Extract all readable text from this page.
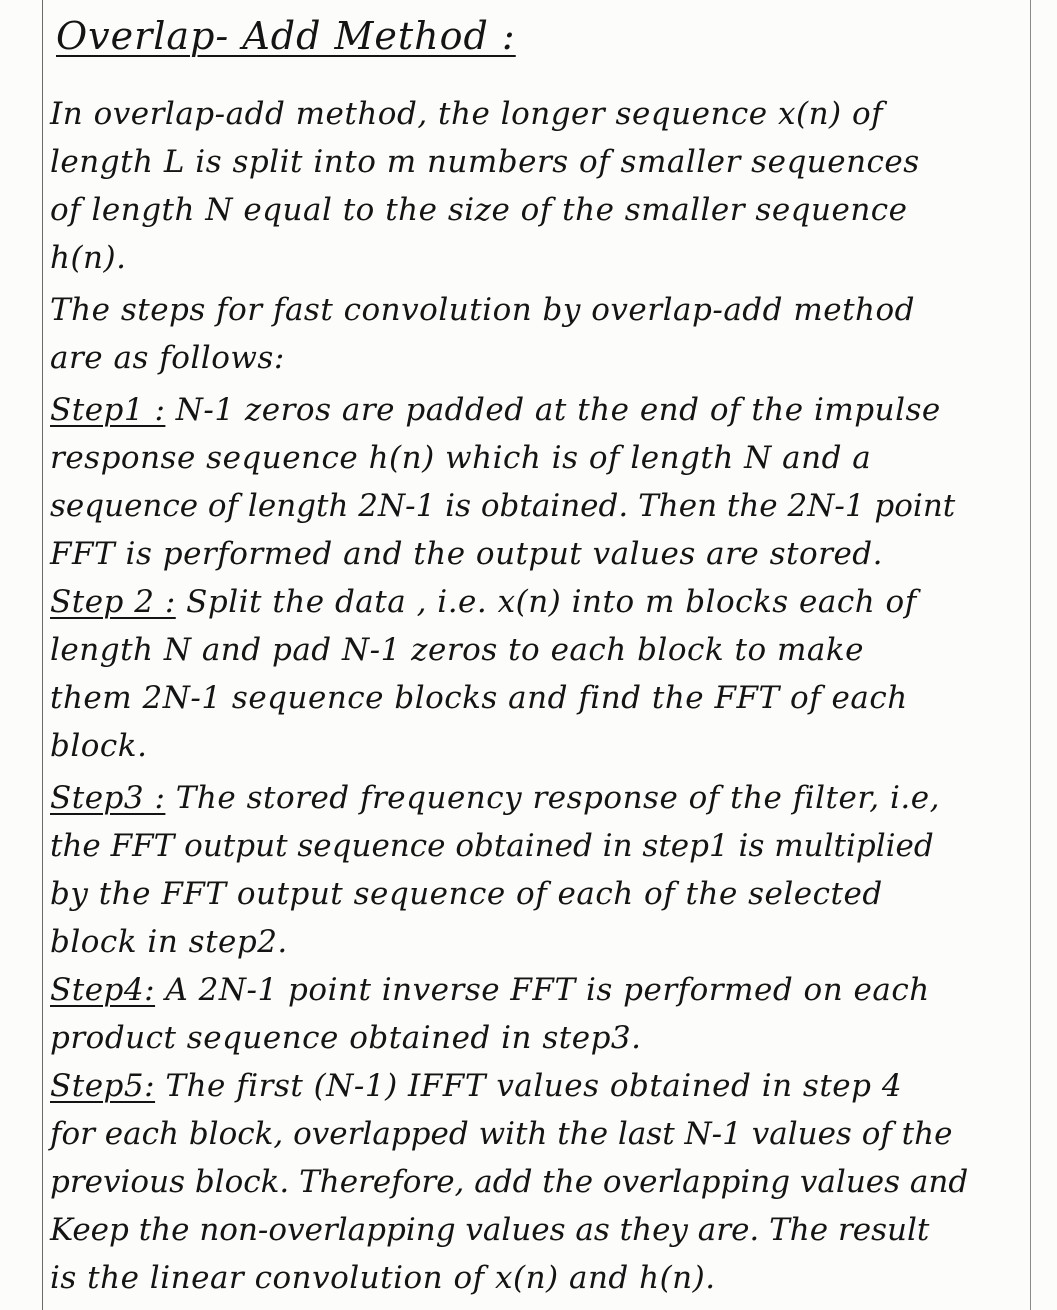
Overlap- Add Method :
In overlap-add method, the longer sequence x(n) of
length L is split into m numbers of smaller sequences
of length N equal to the size of the smaller sequence
h(n).
The steps for fast convolution by overlap-add method
are as follows:
Step1 : N-1 zeros are padded at the end of the impulse
response sequence h(n) which is of length N and a
sequence of length 2N-1 is obtained. Then the 2N-1 point
FFT is performed and the output values are stored.
Step 2 : Split the data , i.e. x(n) into m blocks each of
length N and pad N-1 zeros to each block to make
them 2N-1 sequence blocks and find the FFT of each
block.
Step3 : The stored frequency response of the filter, i.e,
the FFT output sequence obtained in step1 is multiplied
by the FFT output sequence of each of the selected
block in step2.
Step4: A 2N-1 point inverse FFT is performed on each
product sequence obtained in step3.
Step5: The first (N-1) IFFT values obtained in step 4
for each block, overlapped with the last N-1 values of the
previous block. Therefore, add the overlapping values and
Keep the non-overlapping values as they are. The result
is the linear convolution of x(n) and h(n).
